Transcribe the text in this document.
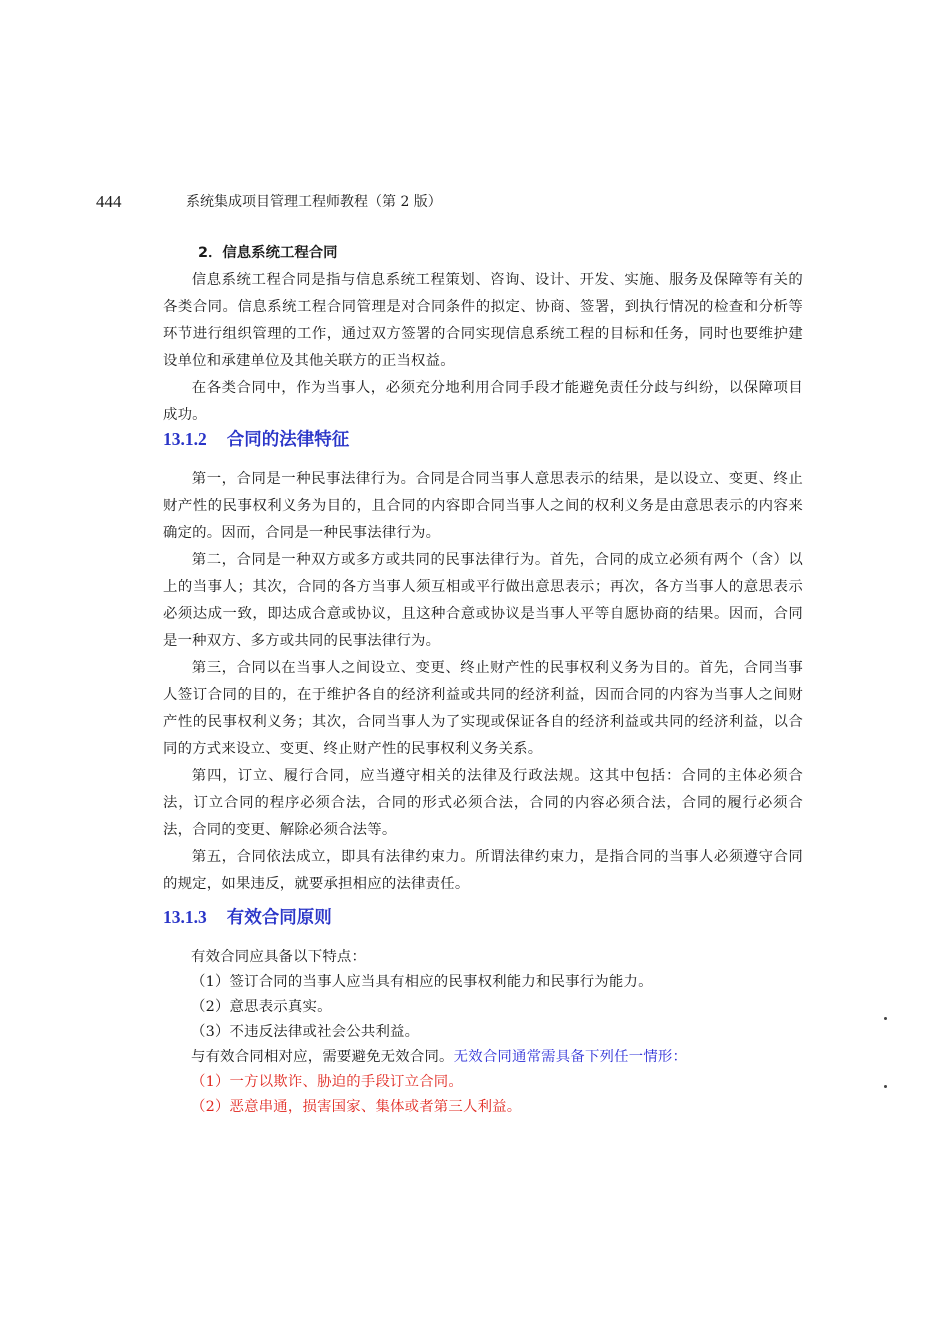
444	系统集成项目管理工程师教程（第 2 版）

2．信息系统工程合同

信息系统工程合同是指与信息系统工程策划、咨询、设计、开发、实施、服务及保障等有关的各类合同。信息系统工程合同管理是对合同条件的拟定、协商、签署，到执行情况的检查和分析等环节进行组织管理的工作，通过双方签署的合同实现信息系统工程的目标和任务，同时也要维护建设单位和承建单位及其他关联方的正当权益。

在各类合同中，作为当事人，必须充分地利用合同手段才能避免责任分歧与纠纷，以保障项目成功。

13.1.2 合同的法律特征

第一，合同是一种民事法律行为。合同是合同当事人意思表示的结果，是以设立、变更、终止财产性的民事权利义务为目的，且合同的内容即合同当事人之间的权利义务是由意思表示的内容来确定的。因而，合同是一种民事法律行为。

第二，合同是一种双方或多方或共同的民事法律行为。首先，合同的成立必须有两个（含）以上的当事人；其次，合同的各方当事人须互相或平行做出意思表示；再次，各方当事人的意思表示必须达成一致，即达成合意或协议，且这种合意或协议是当事人平等自愿协商的结果。因而，合同是一种双方、多方或共同的民事法律行为。

第三，合同以在当事人之间设立、变更、终止财产性的民事权利义务为目的。首先，合同当事人签订合同的目的，在于维护各自的经济利益或共同的经济利益，因而合同的内容为当事人之间财产性的民事权利义务；其次，合同当事人为了实现或保证各自的经济利益或共同的经济利益，以合同的方式来设立、变更、终止财产性的民事权利义务关系。

第四，订立、履行合同，应当遵守相关的法律及行政法规。这其中包括：合同的主体必须合法，订立合同的程序必须合法，合同的形式必须合法，合同的内容必须合法，合同的履行必须合法，合同的变更、解除必须合法等。

第五，合同依法成立，即具有法律约束力。所谓法律约束力，是指合同的当事人必须遵守合同的规定，如果违反，就要承担相应的法律责任。

13.1.3 有效合同原则

有效合同应具备以下特点：

（1）签订合同的当事人应当具有相应的民事权利能力和民事行为能力。

（2）意思表示真实。

（3）不违反法律或社会公共利益。

与有效合同相对应，需要避免无效合同。无效合同通常需具备下列任一情形：

（1）一方以欺诈、胁迫的手段订立合同。

（2）恶意串通，损害国家、集体或者第三人利益。
